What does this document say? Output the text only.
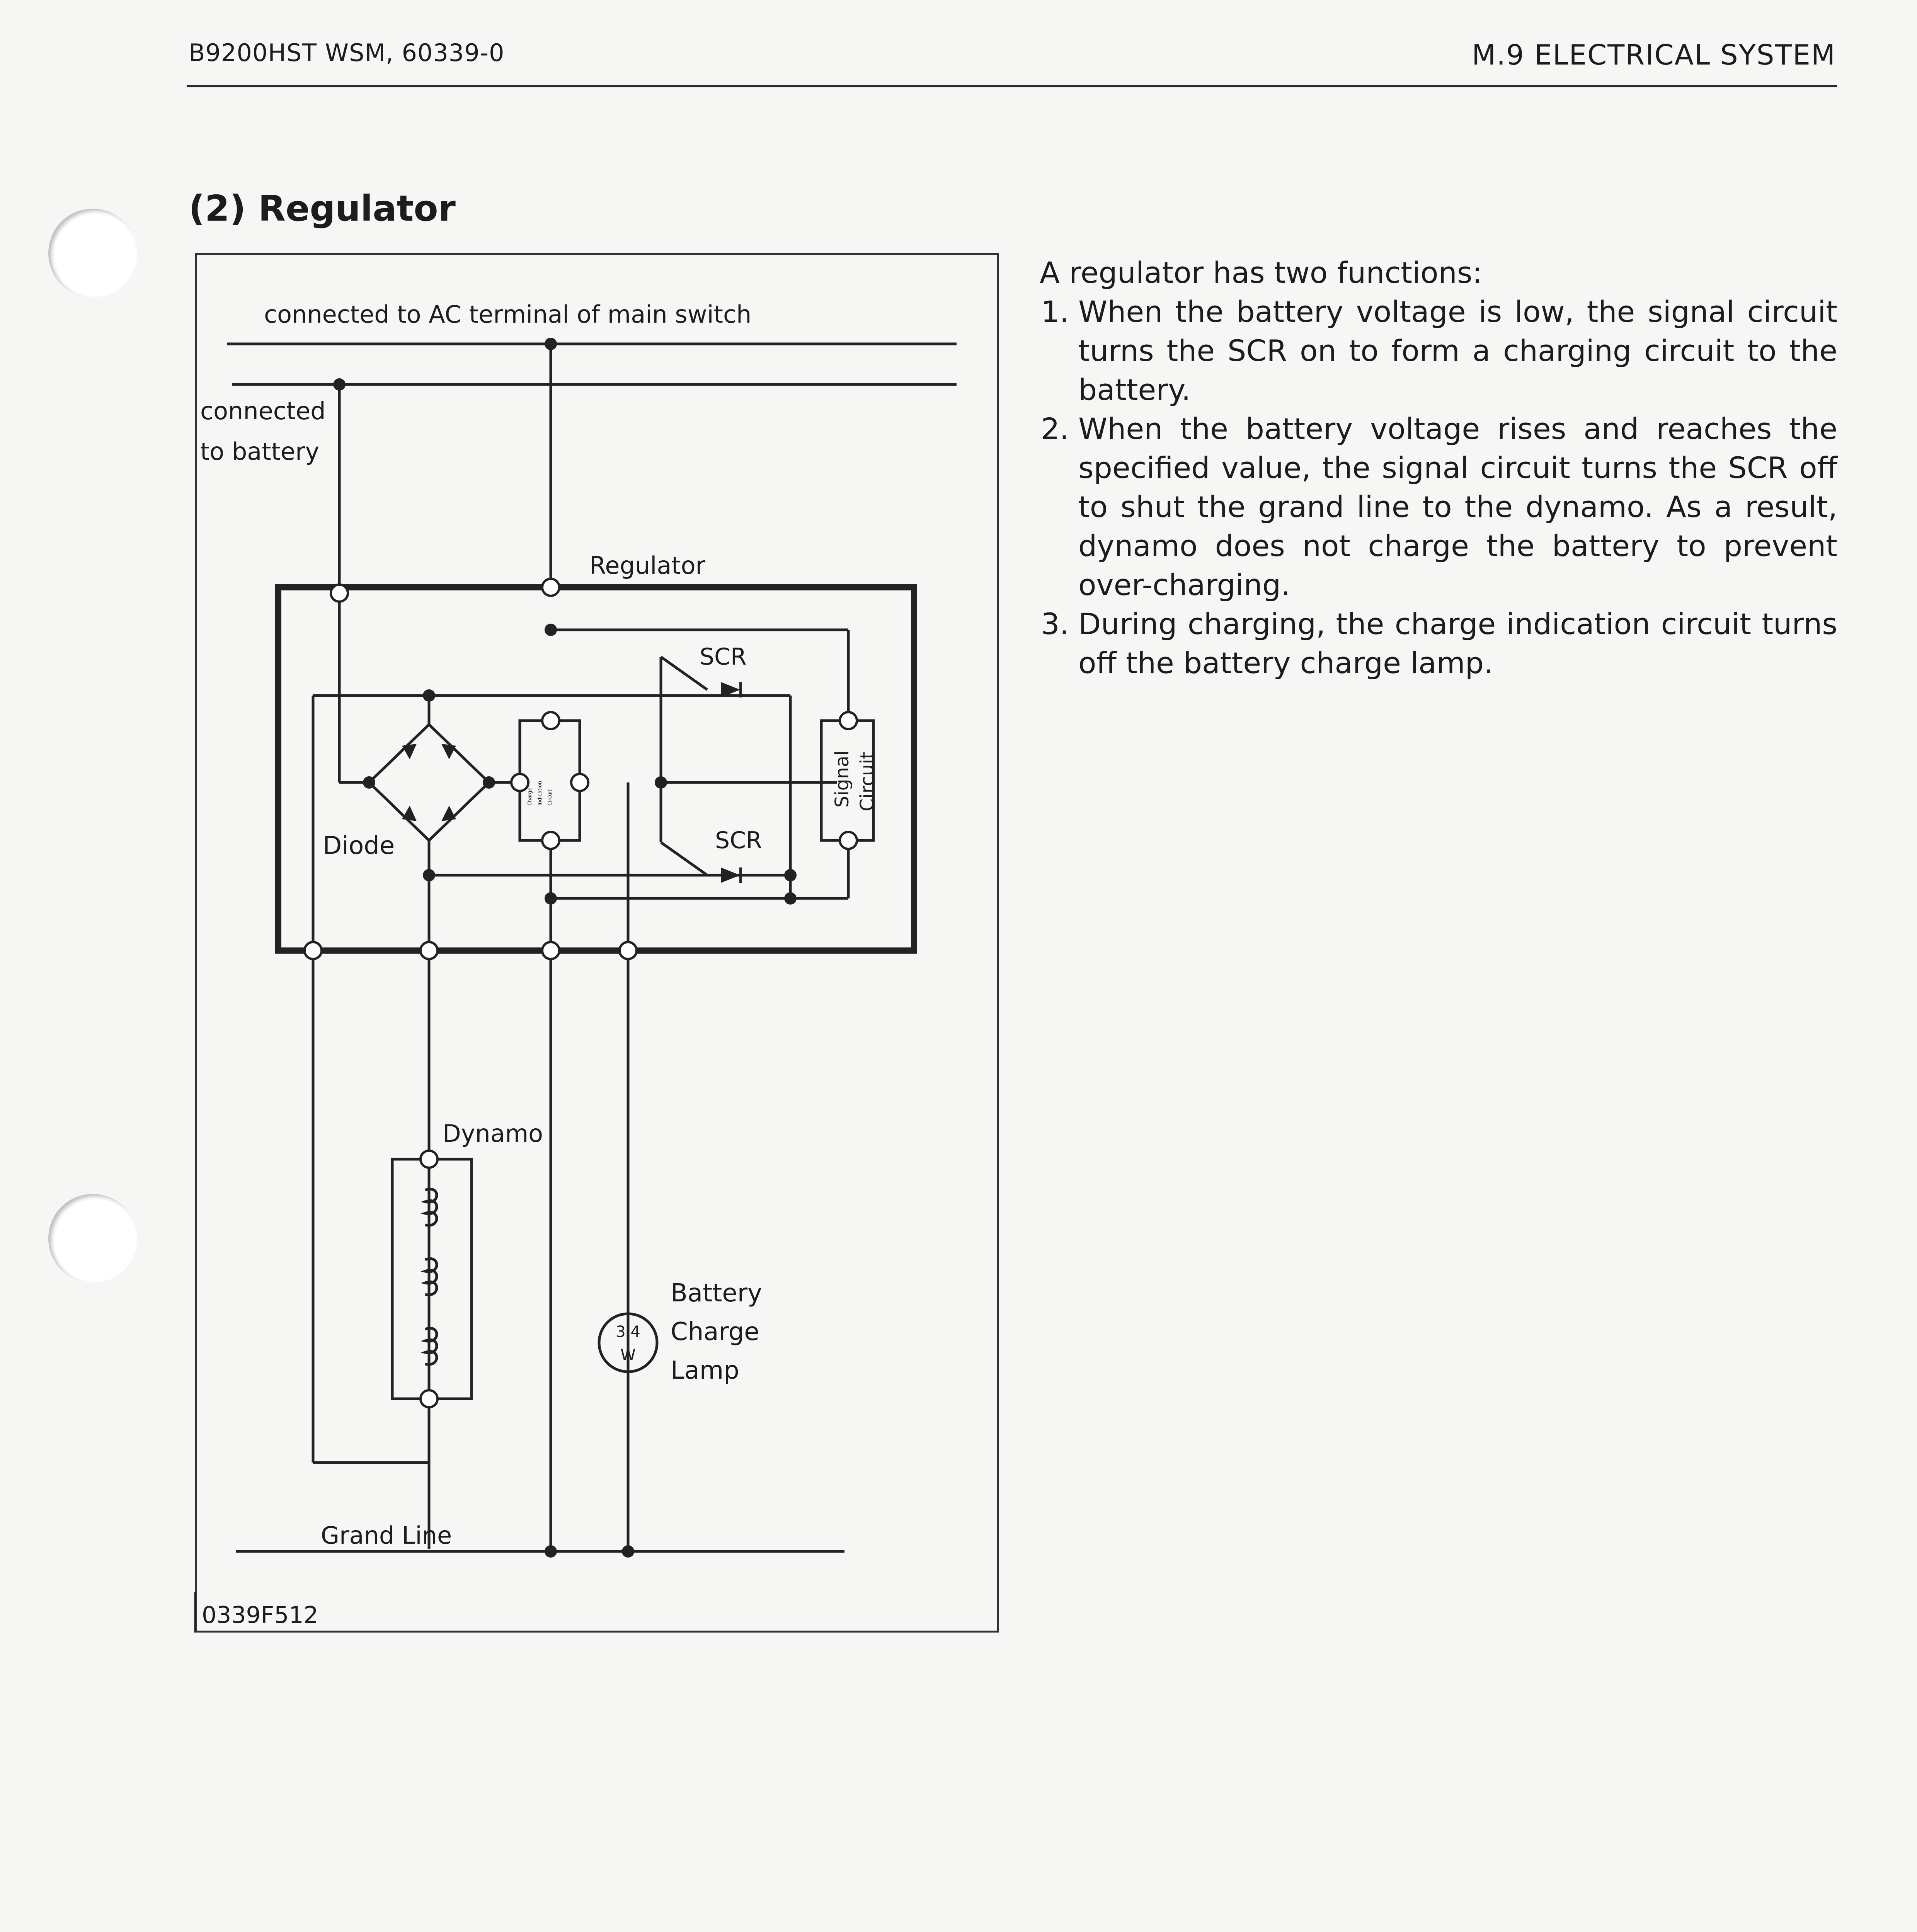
B9200HST WSM, 60339-0	M.9 ELECTRICAL SYSTEM
(2) Regulator
connected to AC terminal of main switch
connected
to battery
Regulator
SCR
SCR
Charge Indication Circuit	Signal Circuit
Diode
Dynamo
3.4
W
Battery
Charge
Lamp
Grand Line
0339F512

A regulator has two functions:

1. When the battery voltage is low, the signal circuit turns the SCR on to form a charging circuit to the battery.
2. When the battery voltage rises and reaches the specified value, the signal circuit turns the SCR off to shut the grand line to the dynamo. As a result, dynamo does not charge the battery to prevent over-charging.
3. During charging, the charge indication circuit turns off the battery charge lamp.
